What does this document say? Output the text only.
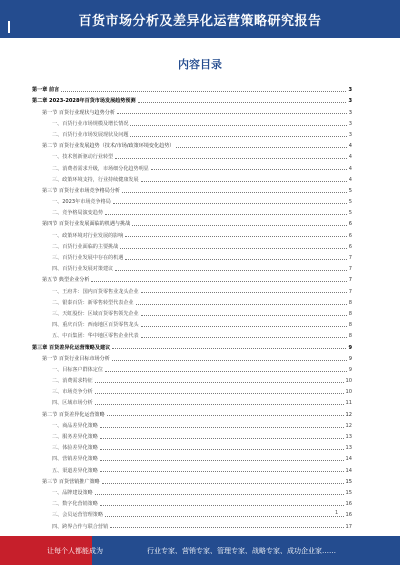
百货市场分析及差异化运营策略研究报告
内容目录
第一章 前言	3
第二章 2023-2028年百货市场发展趋势预测	3
第一节 百货行业现状与趋势分析	3
一、百货行业市场规模及增长情况	3
二、百货行业市场发展现状及问题	3
第二节 百货行业发展趋势（技术/市场/政策环境变化趋势）	4
一、技术创新驱动行业转型	4
二、消费者需求升级，市场细分化趋势明显	4
三、政策环境支持，行业持续健康发展	4
第三节 百货行业市场竞争格局分析	5
一、2023年市场竞争格局	5
二、竞争格局演变趋势	5
第四节 百货行业发展面临的机遇与挑战	6
一、政策环境对行业发展的影响	6
二、百货行业面临的主要挑战	6
三、百货行业发展中存在的机遇	7
四、百货行业发展对策建议	7
第五节 典型企业分析	7
一、王府井：国内百货零售业龙头企业	7
二、银泰百货：新零售转型代表企业	8
三、天虹股份：区域百货零售领先企业	8
四、重庆百货：西南地区百货零售龙头	8
五、中百集团：华中地区零售企业代表	8
第三章 百货差异化运营策略及建议	9
第一节 百货行业目标市场分析	9
一、目标客户群体定位	9
二、消费需求特征	10
三、市场竞争分析	10
四、区域市场分析	11
第二节 百货差异化运营策略	12
一、商品差异化策略	12
二、服务差异化策略	13
三、体验差异化策略	13
四、营销差异化策略	14
五、渠道差异化策略	14
第三节 百货营销推广策略	15
一、品牌建设策略	15
二、数字化营销策略	16
三、会员运营管理策略	16
四、跨界合作与联合营销	17
1
让每个人都能成为	行业专家、营销专家、管理专家、战略专家、成功企业家……
